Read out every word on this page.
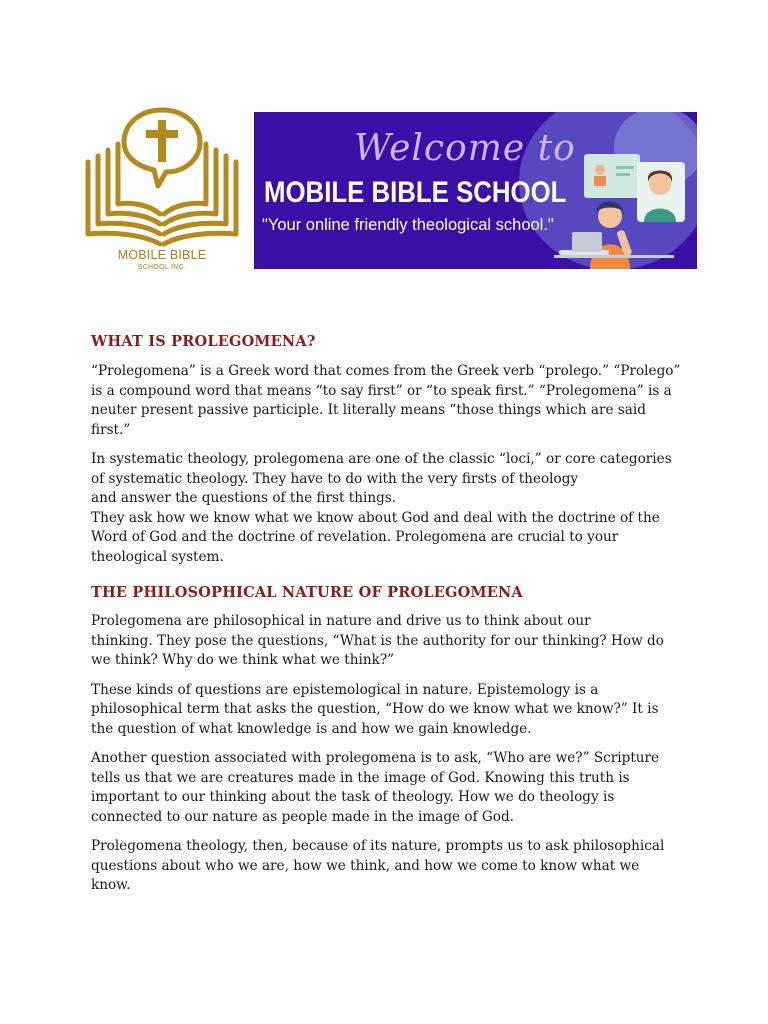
MOBILE BIBLE
SCHOOL INC.
Welcome to
MOBILE BIBLE SCHOOL
"Your online friendly theological school."
WHAT IS PROLEGOMENA?

“Prolegomena” is a Greek word that comes from the Greek verb “prolego.” “Prolego”
is a compound word that means “to say first” or “to speak first.” “Prolegomena” is a
neuter present passive participle. It literally means “those things which are said
first.”

In systematic theology, prolegomena are one of the classic “loci,” or core categories
of systematic theology. They have to do with the very firsts of theology
and answer the questions of the first things.
They ask how we know what we know about God and deal with the doctrine of the
Word of God and the doctrine of revelation. Prolegomena are crucial to your
theological system.

THE PHILOSOPHICAL NATURE OF PROLEGOMENA

Prolegomena are philosophical in nature and drive us to think about our
thinking. They pose the questions, “What is the authority for our thinking? How do
we think? Why do we think what we think?”

These kinds of questions are epistemological in nature. Epistemology is a
philosophical term that asks the question, “How do we know what we know?” It is
the question of what knowledge is and how we gain knowledge.

Another question associated with prolegomena is to ask, “Who are we?” Scripture
tells us that we are creatures made in the image of God. Knowing this truth is
important to our thinking about the task of theology. How we do theology is
connected to our nature as people made in the image of God.

Prolegomena theology, then, because of its nature, prompts us to ask philosophical
questions about who we are, how we think, and how we come to know what we
know.
